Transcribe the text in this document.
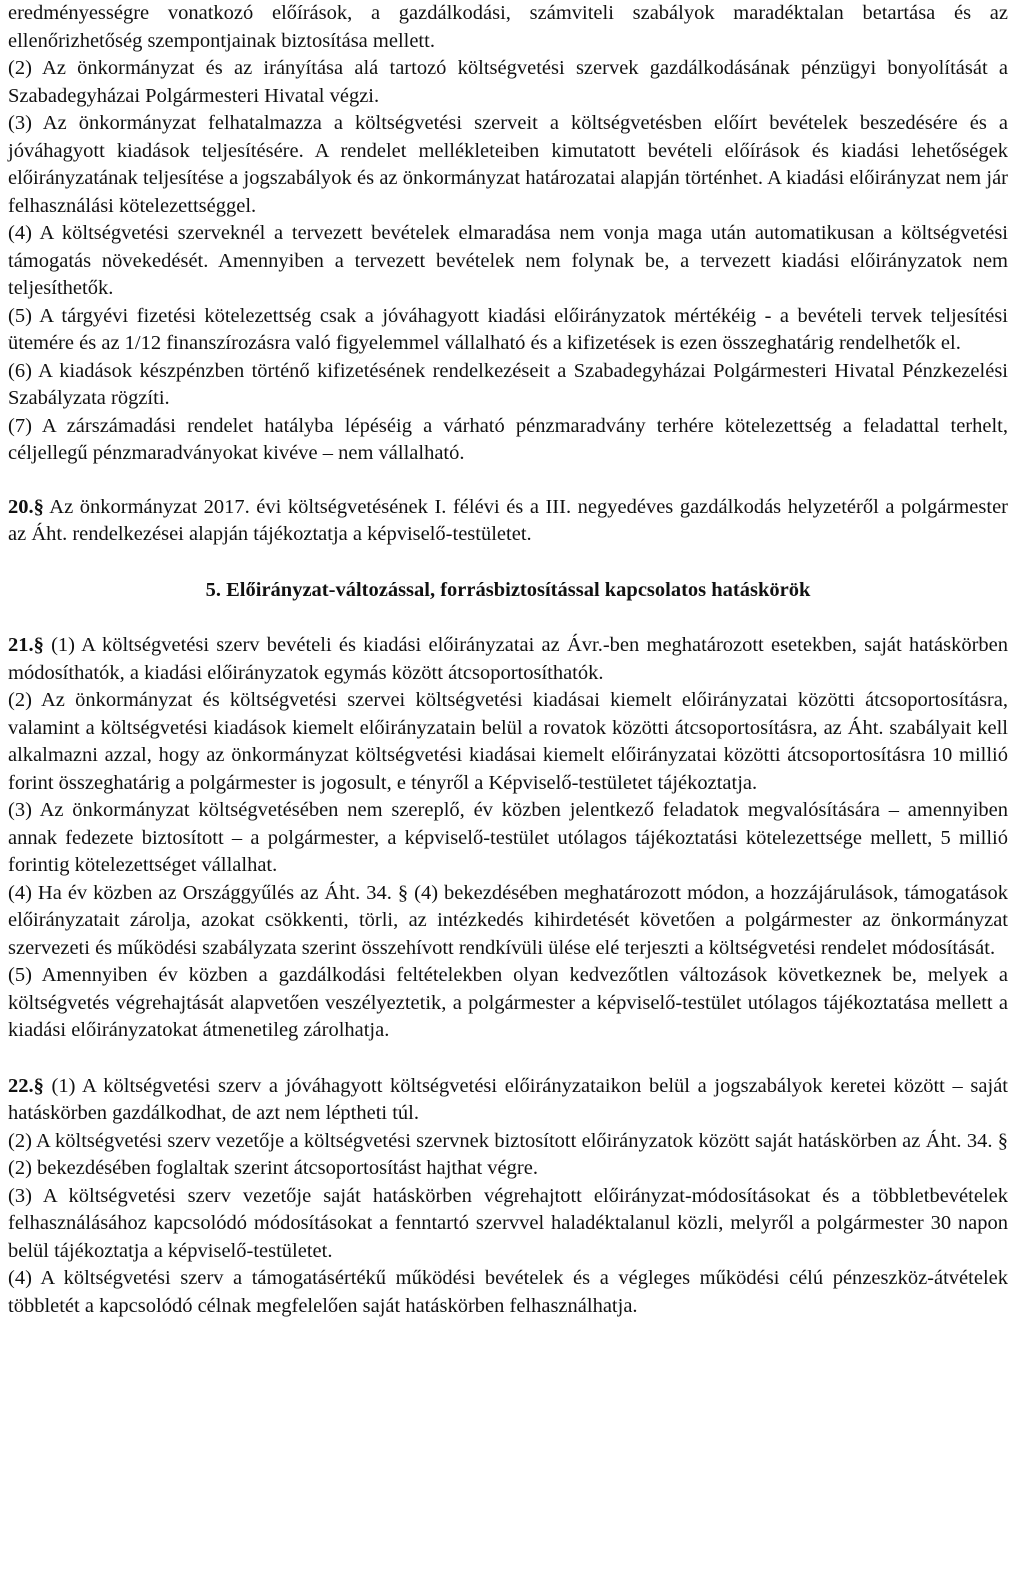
eredményességre vonatkozó előírások, a gazdálkodási, számviteli szabályok maradéktalan betartása és az ellenőrizhetőség szempontjainak biztosítása mellett.

(2) Az önkormányzat és az irányítása alá tartozó költségvetési szervek gazdálkodásának pénzügyi bonyolítását a Szabadegyházai Polgármesteri Hivatal végzi.

(3) Az önkormányzat felhatalmazza a költségvetési szerveit a költségvetésben előírt bevételek beszedésére és a jóváhagyott kiadások teljesítésére. A rendelet mellékleteiben kimutatott bevételi előírások és kiadási lehetőségek előirányzatának teljesítése a jogszabályok és az önkormányzat határozatai alapján történhet. A kiadási előirányzat nem jár felhasználási kötelezettséggel.

(4) A költségvetési szerveknél a tervezett bevételek elmaradása nem vonja maga után automatikusan a költségvetési támogatás növekedését. Amennyiben a tervezett bevételek nem folynak be, a tervezett kiadási előirányzatok nem teljesíthetők.

(5) A tárgyévi fizetési kötelezettség csak a jóváhagyott kiadási előirányzatok mértékéig - a bevételi tervek teljesítési ütemére és az 1/12 finanszírozásra való figyelemmel vállalható és a kifizetések is ezen összeghatárig rendelhetők el.

(6) A kiadások készpénzben történő kifizetésének rendelkezéseit a Szabadegyházai Polgármesteri Hivatal Pénzkezelési Szabályzata rögzíti.

(7) A zárszámadási rendelet hatályba lépéséig a várható pénzmaradvány terhére kötelezettség a feladattal terhelt, céljellegű pénzmaradványokat kivéve – nem vállalható.

20.§ Az önkormányzat 2017. évi költségvetésének I. félévi és a III. negyedéves gazdálkodás helyzetéről a polgármester az Áht. rendelkezései alapján tájékoztatja a képviselő-testületet.

5. Előirányzat-változással, forrásbiztosítással kapcsolatos hatáskörök

21.§ (1) A költségvetési szerv bevételi és kiadási előirányzatai az Ávr.-ben meghatározott esetekben, saját hatáskörben módosíthatók, a kiadási előirányzatok egymás között átcsoportosíthatók.

(2) Az önkormányzat és költségvetési szervei költségvetési kiadásai kiemelt előirányzatai közötti átcsoportosításra, valamint a költségvetési kiadások kiemelt előirányzatain belül a rovatok közötti átcsoportosításra, az Áht. szabályait kell alkalmazni azzal, hogy az önkormányzat költségvetési kiadásai kiemelt előirányzatai közötti átcsoportosításra 10 millió forint összeghatárig a polgármester is jogosult, e tényről a Képviselő-testületet tájékoztatja.

(3) Az önkormányzat költségvetésében nem szereplő, év közben jelentkező feladatok megvalósítására – amennyiben annak fedezete biztosított – a polgármester, a képviselő-testület utólagos tájékoztatási kötelezettsége mellett, 5 millió forintig kötelezettséget vállalhat.

(4) Ha év közben az Országgyűlés az Áht. 34. § (4) bekezdésében meghatározott módon, a hozzájárulások, támogatások előirányzatait zárolja, azokat csökkenti, törli, az intézkedés kihirdetését követően a polgármester az önkormányzat szervezeti és működési szabályzata szerint összehívott rendkívüli ülése elé terjeszti a költségvetési rendelet módosítását.

(5) Amennyiben év közben a gazdálkodási feltételekben olyan kedvezőtlen változások következnek be, melyek a költségvetés végrehajtását alapvetően veszélyeztetik, a polgármester a képviselő-testület utólagos tájékoztatása mellett a kiadási előirányzatokat átmenetileg zárolhatja.

22.§ (1) A költségvetési szerv a jóváhagyott költségvetési előirányzataikon belül a jogszabályok keretei között – saját hatáskörben gazdálkodhat, de azt nem léptheti túl.

(2) A költségvetési szerv vezetője a költségvetési szervnek biztosított előirányzatok között saját hatáskörben az Áht. 34. § (2) bekezdésében foglaltak szerint átcsoportosítást hajthat végre.

(3) A költségvetési szerv vezetője saját hatáskörben végrehajtott előirányzat-módosításokat és a többletbevételek felhasználásához kapcsolódó módosításokat a fenntartó szervvel haladéktalanul közli, melyről a polgármester 30 napon belül tájékoztatja a képviselő-testületet.

(4) A költségvetési szerv a támogatásértékű működési bevételek és a végleges működési célú pénzeszköz-átvételek többletét a kapcsolódó célnak megfelelően saját hatáskörben felhasználhatja.
